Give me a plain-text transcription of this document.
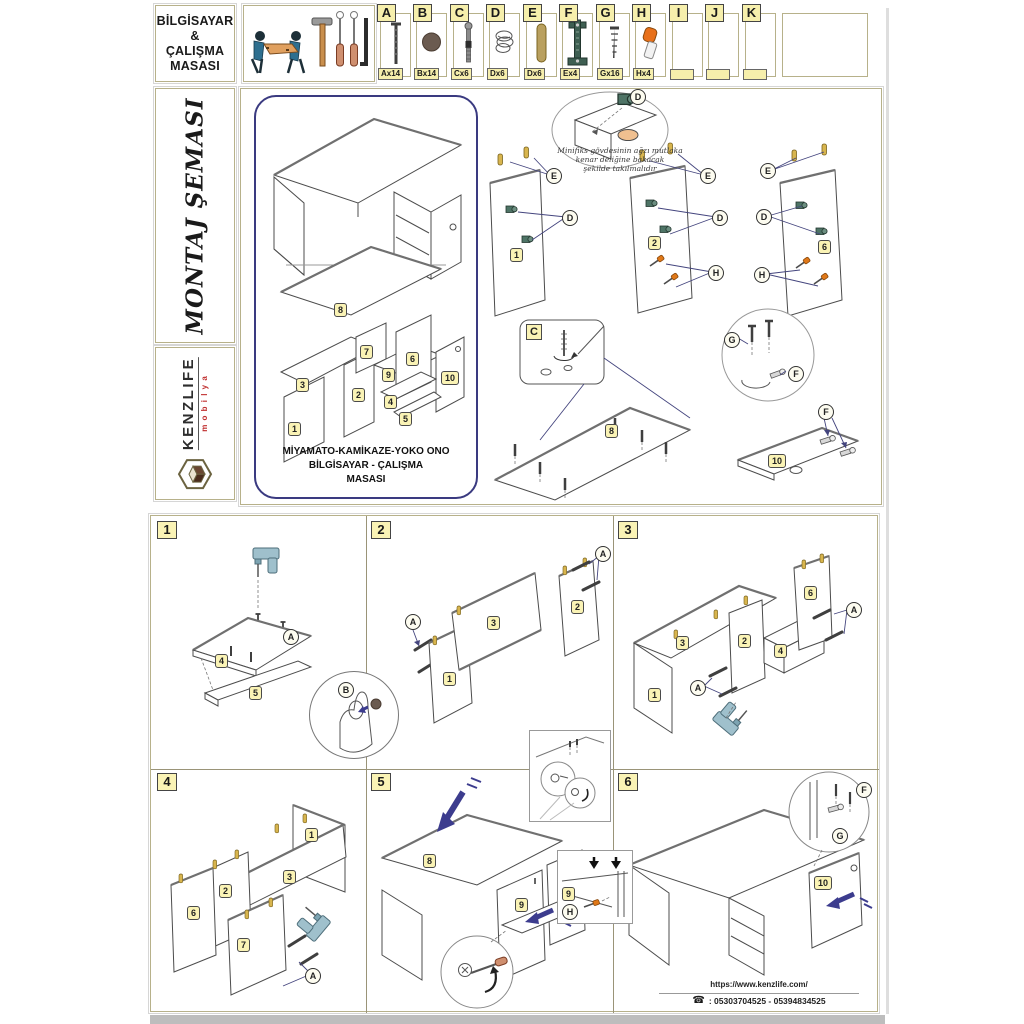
BİLGİSAYAR
&
ÇALIŞMA
MASASI
A
Ax14
B
Bx14
C
Cx6
D
Dx6
E
Dx6
F
Ex4
G
Gx16
H
Hx4
I	J	K
MONTAJ ŞEMASI
KENZLIFE m o b i l y a
8
7
6
9
3
2
10
4
1
5
MİYAMATO-KAMİKAZE-YOKO ONO
BİLGİSAYAR - ÇALIŞMA
MASASI
D
Minifiks gövdesinin ağzı mutlaka
kenar deliğine bakacak
şekilde takılmalıdır
E
D
1
E
D
H
2
E
D
H
6
C
8
G
F
F
10
1
A
4
5
2
A
1
3
2
A
3
1
3	2
4
6
A
A
4
1
3
2
6
7
A
5
8
9
6
10
F
G
https://www.kenzlife.com/
☎ : 05303704525 - 05394834525
B
9
H
